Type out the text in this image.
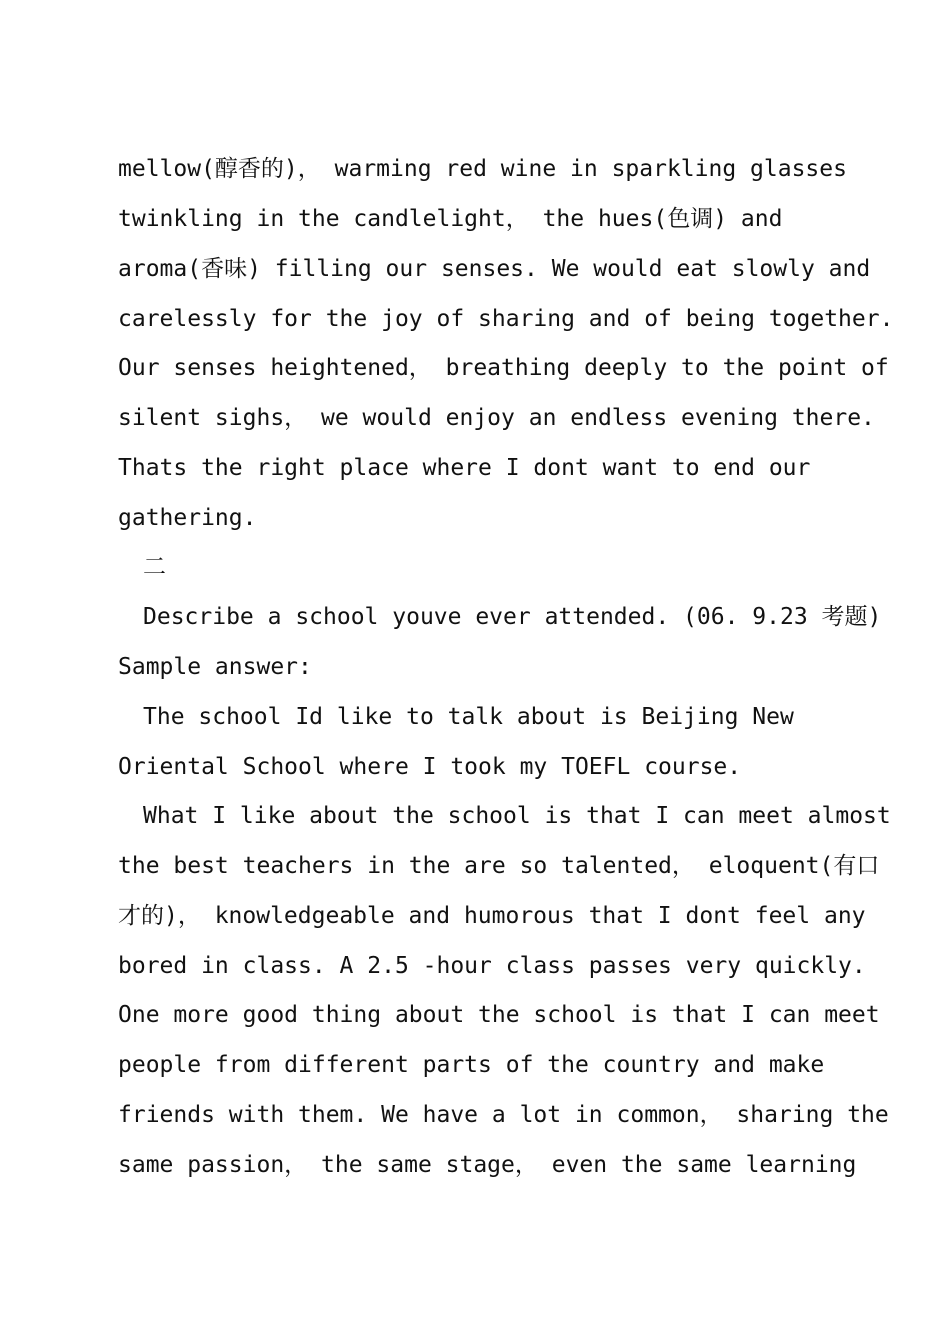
mellow(醇香的)， warming red wine in sparkling glasses
twinkling in the candlelight， the hues(色调) and
aroma(香味) filling our senses. We would eat slowly and
carelessly for the joy of sharing and of being together.
Our senses heightened， breathing deeply to the point of
silent sighs， we would enjoy an endless evening there.
Thats the right place where I dont want to end our
gathering.
二
Describe a school youve ever attended. (06. 9.23 考题)
Sample answer:
The school Id like to talk about is Beijing New
Oriental School where I took my TOEFL course.
What I like about the school is that I can meet almost
the best teachers in the are so talented， eloquent(有口
才的)， knowledgeable and humorous that I dont feel any
bored in class. A 2.5 -hour class passes very quickly.
One more good thing about the school is that I can meet
people from different parts of the country and make
friends with them. We have a lot in common， sharing the
same passion， the same stage， even the same learning
